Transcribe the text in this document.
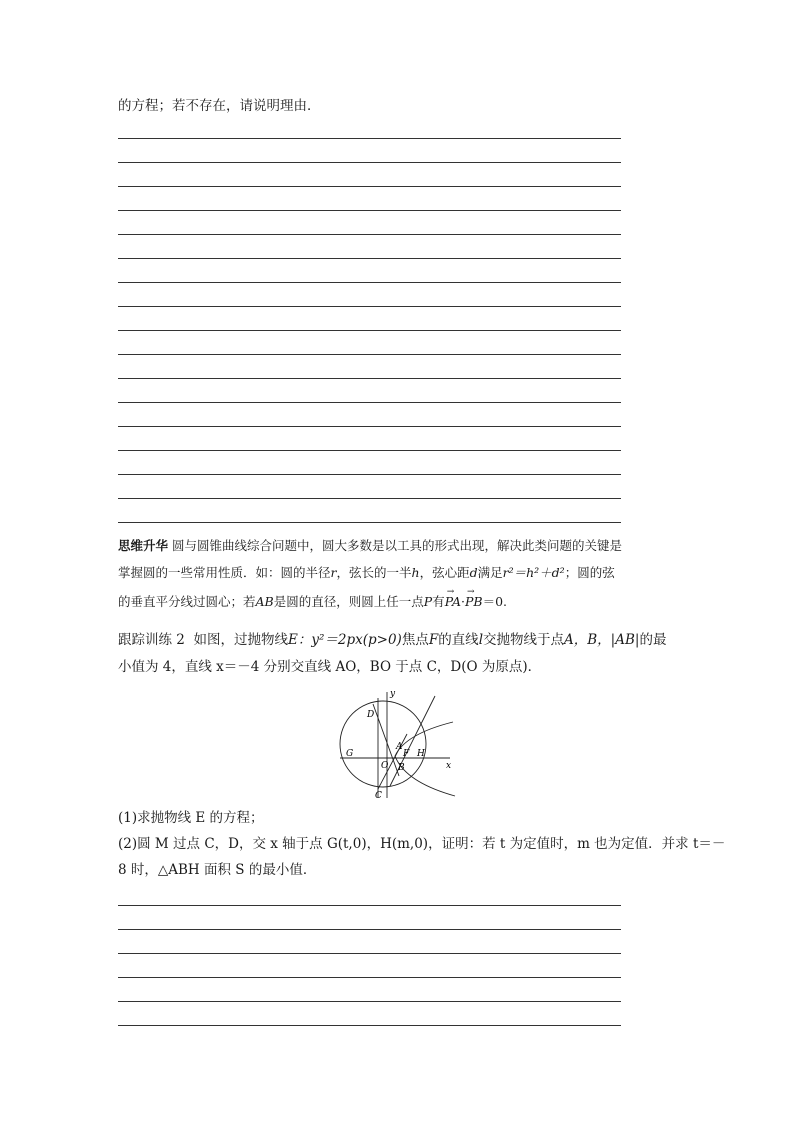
的方程；若不存在，请说明理由．
思维升华 圆与圆锥曲线综合问题中，圆大多数是以工具的形式出现，解决此类问题的关键是
掌握圆的一些常用性质．如：圆的半径r，弦长的一半h，弦心距d满足r²＝h²＋d²；圆的弦
的垂直平分线过圆心；若AB是圆的直径，则圆上任一点P有→ PA·→ PB＝0.
跟踪训练 2 如图，过抛物线E：y²＝2px(p>0)焦点F的直线l交抛物线于点A，B，|AB|的最
小值为 4，直线 x＝－4 分别交直线 AO，BO 于点 C，D(O 为原点)．
y
x
D
A
G	F H
O B
C
(1)求抛物线 E 的方程；
(2)圆 M 过点 C，D，交 x 轴于点 G(t,0)，H(m,0)，证明：若 t 为定值时，m 也为定值．并求 t＝－
8 时，△ABH 面积 S 的最小值．
